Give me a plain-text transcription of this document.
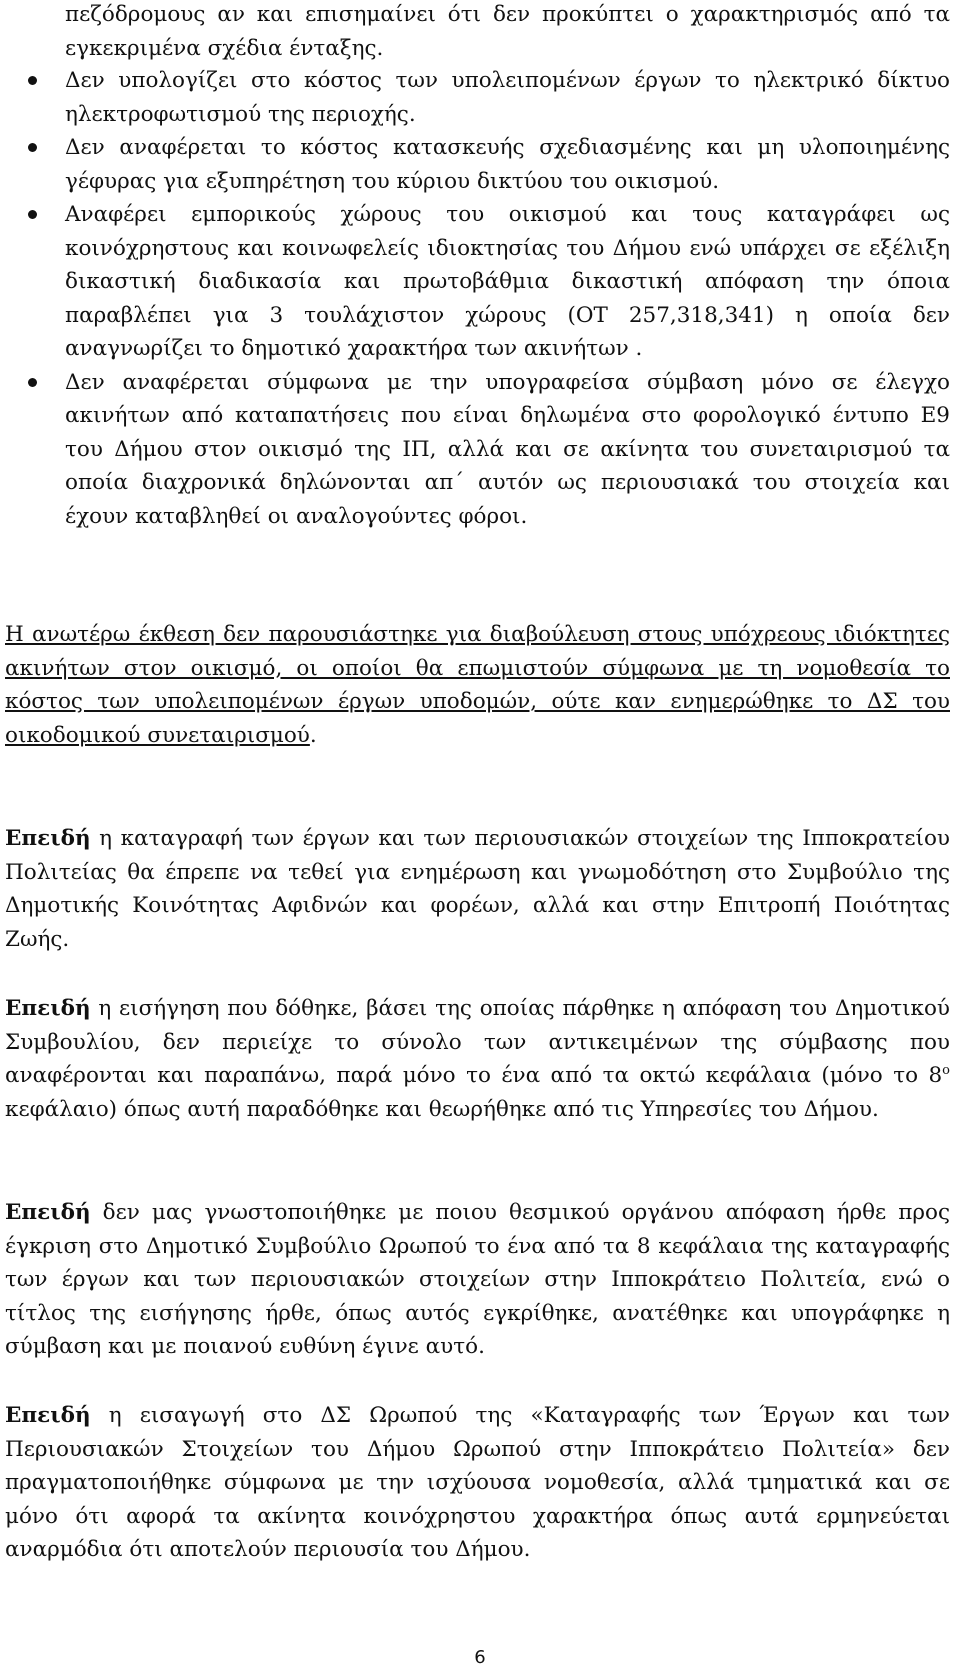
πεζόδρομους αν και επισημαίνει ότι δεν προκύπτει ο χαρακτηρισμός από τα εγκεκριμένα σχέδια ένταξης.
Δεν υπολογίζει στο κόστος των υπολειπομένων έργων το ηλεκτρικό δίκτυο ηλεκτροφωτισμού της περιοχής.
Δεν αναφέρεται το κόστος κατασκευής σχεδιασμένης και μη υλοποιημένης γέφυρας για εξυπηρέτηση του κύριου δικτύου του οικισμού.
Αναφέρει εμπορικούς χώρους του οικισμού και τους καταγράφει ως κοινόχρηστους και κοινωφελείς ιδιοκτησίας του Δήμου ενώ υπάρχει σε εξέλιξη δικαστική διαδικασία και πρωτοβάθμια δικαστική απόφαση την όποια παραβλέπει για 3 τουλάχιστον χώρους (ΟΤ 257,318,341) η οποία δεν αναγνωρίζει το δημοτικό χαρακτήρα των ακινήτων .
Δεν αναφέρεται σύμφωνα με την υπογραφείσα σύμβαση μόνο σε έλεγχο ακινήτων από καταπατήσεις που είναι δηλωμένα στο φορολογικό έντυπο Ε9 του Δήμου στον οικισμό της ΙΠ, αλλά και σε ακίνητα του συνεταιρισμού τα οποία διαχρονικά δηλώνονται απ΄ αυτόν ως περιουσιακά του στοιχεία και έχουν καταβληθεί οι αναλογούντες φόροι.
Η ανωτέρω έκθεση δεν παρουσιάστηκε για διαβούλευση στους υπόχρεους ιδιόκτητες ακινήτων στον οικισμό, οι οποίοι θα επωμιστούν σύμφωνα με τη νομοθεσία το κόστος των υπολειπομένων έργων υποδομών, ούτε καν ενημερώθηκε το ΔΣ του οικοδομικού συνεταιρισμού.
Επειδή η καταγραφή των έργων και των περιουσιακών στοιχείων της Ιπποκρατείου Πολιτείας θα έπρεπε να τεθεί για ενημέρωση και γνωμοδότηση στο Συμβούλιο της Δημοτικής Κοινότητας Αφιδνών και φορέων, αλλά και στην Επιτροπή Ποιότητας Ζωής.
Επειδή η εισήγηση που δόθηκε, βάσει της οποίας πάρθηκε η απόφαση του Δημοτικού Συμβουλίου, δεν περιείχε το σύνολο των αντικειμένων της σύμβασης που αναφέρονται και παραπάνω, παρά μόνο το ένα από τα οκτώ κεφάλαια (μόνο το $8^o$ κεφάλαιο) όπως αυτή παραδόθηκε και θεωρήθηκε από τις Υπηρεσίες του Δήμου.
Επειδή δεν μας γνωστοποιήθηκε με ποιου θεσμικού οργάνου απόφαση ήρθε προς έγκριση στο Δημοτικό Συμβούλιο Ωρωπού το ένα από τα 8 κεφάλαια της καταγραφής των έργων και των περιουσιακών στοιχείων στην Ιπποκράτειο Πολιτεία, ενώ ο τίτλος της εισήγησης ήρθε, όπως αυτός εγκρίθηκε, ανατέθηκε και υπογράφηκε η σύμβαση και με ποιανού ευθύνη έγινε αυτό.
Επειδή η εισαγωγή στο ΔΣ Ωρωπού της «Καταγραφής των Έργων και των Περιουσιακών Στοιχείων του Δήμου Ωρωπού στην Ιπποκράτειο Πολιτεία» δεν πραγματοποιήθηκε σύμφωνα με την ισχύουσα νομοθεσία, αλλά τμηματικά και σε μόνο ότι αφορά τα ακίνητα κοινόχρηστου χαρακτήρα όπως αυτά ερμηνεύεται αναρμόδια ότι αποτελούν περιουσία του Δήμου.
6
